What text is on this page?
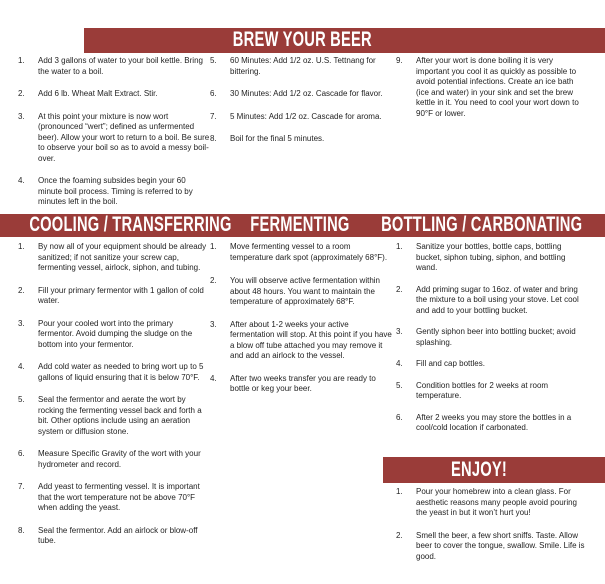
BREW YOUR BEER
COOLING / TRANSFERRING FERMENTING BOTTLING / CARBONATING
ENJOY!
1.	Add 3 gallons of water to your boil kettle. Bring the water to a boil.
2.	Add 6 lb. Wheat Malt Extract. Stir.
3.	At this point your mixture is now wort (pronounced “wert”; defined as unfermented beer). Allow your wort to return to a boil. Be sure to observe your boil so as to avoid a messy boil-over.
4.	Once the foaming subsides begin your 60 minute boil process. Timing is referred to by minutes left in the boil.
5.	60 Minutes: Add 1/2 oz. U.S. Tettnang for bittering.
6.	30 Minutes: Add 1/2 oz. Cascade for flavor.
7.	5 Minutes: Add 1/2 oz. Cascade for aroma.
8.	Boil for the final 5 minutes.
9.	After your wort is done boiling it is very important you cool it as quickly as possible to avoid potential infections. Create an ice bath (ice and water) in your sink and set the brew kettle in it. You need to cool your wort down to 90°F or lower.
1.	By now all of your equipment should be already sanitized; if not sanitize your screw cap, fermenting vessel, airlock, siphon, and tubing.
2.	Fill your primary fermentor with 1 gallon of cold water.
3.	Pour your cooled wort into the primary fermentor. Avoid dumping the sludge on the bottom into your fermentor.
4.	Add cold water as needed to bring wort up to 5 gallons of liquid ensuring that it is below 70°F.
5.	Seal the fermentor and aerate the wort by rocking the fermenting vessel back and forth a bit. Other options include using an aeration system or diffusion stone.
6.	Measure Specific Gravity of the wort with your hydrometer and record.
7.	Add yeast to fermenting vessel. It is important that the wort temperature not be above 70°F when adding the yeast.
8.	Seal the fermentor. Add an airlock or blow-off tube.
1.	Move fermenting vessel to a room temperature dark spot (approximately 68°F).
2.	You will observe active fermentation within about 48 hours. You want to maintain the temperature of approximately 68°F.
3.	After about 1-2 weeks your active fermentation will stop. At this point if you have a blow off tube attached you may remove it and add an airlock to the vessel.
4.	After two weeks transfer you are ready to bottle or keg your beer.
1.	Sanitize your bottles, bottle caps, bottling bucket, siphon tubing, siphon, and bottling wand.
2.	Add priming sugar to 16oz. of water and bring the mixture to a boil using your stove. Let cool and add to your bottling bucket.
3.	Gently siphon beer into bottling bucket; avoid splashing.
4.	Fill and cap bottles.
5.	Condition bottles for 2 weeks at room temperature.
6.	After 2 weeks you may store the bottles in a cool/cold location if carbonated.
1.	Pour your homebrew into a clean glass. For aesthetic reasons many people avoid pouring the yeast in but it won’t hurt you!
2.	Smell the beer, a few short sniffs. Taste. Allow beer to cover the tongue, swallow. Smile. Life is good.
